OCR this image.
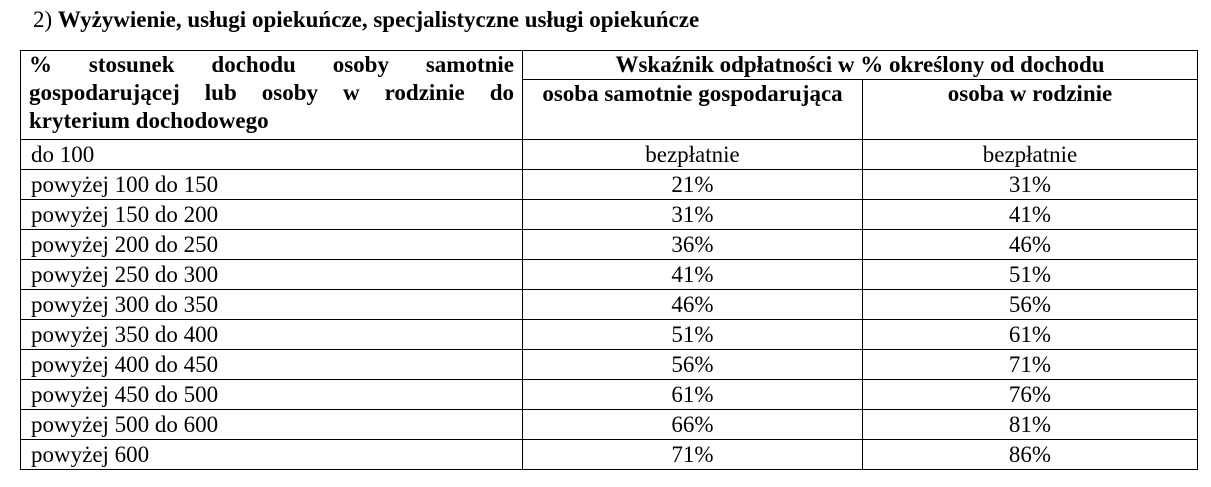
2) Wyżywienie, usługi opiekuńcze, specjalistyczne usługi opiekuńcze
% stosunek dochodu osoby samotnie gospodarującej lub osoby w rodzinie do kryterium dochodowego	Wskaźnik odpłatności w % określony od dochodu	
	osoba samotnie gospodarująca	osoba w rodzinie
do 100	bezpłatnie	bezpłatnie
powyżej 100 do 150	21%	31%
powyżej 150 do 200	31%	41%
powyżej 200 do 250	36%	46%
powyżej 250 do 300	41%	51%
powyżej 300 do 350	46%	56%
powyżej 350 do 400	51%	61%
powyżej 400 do 450	56%	71%
powyżej 450 do 500	61%	76%
powyżej 500 do 600	66%	81%
powyżej 600	71%	86%
